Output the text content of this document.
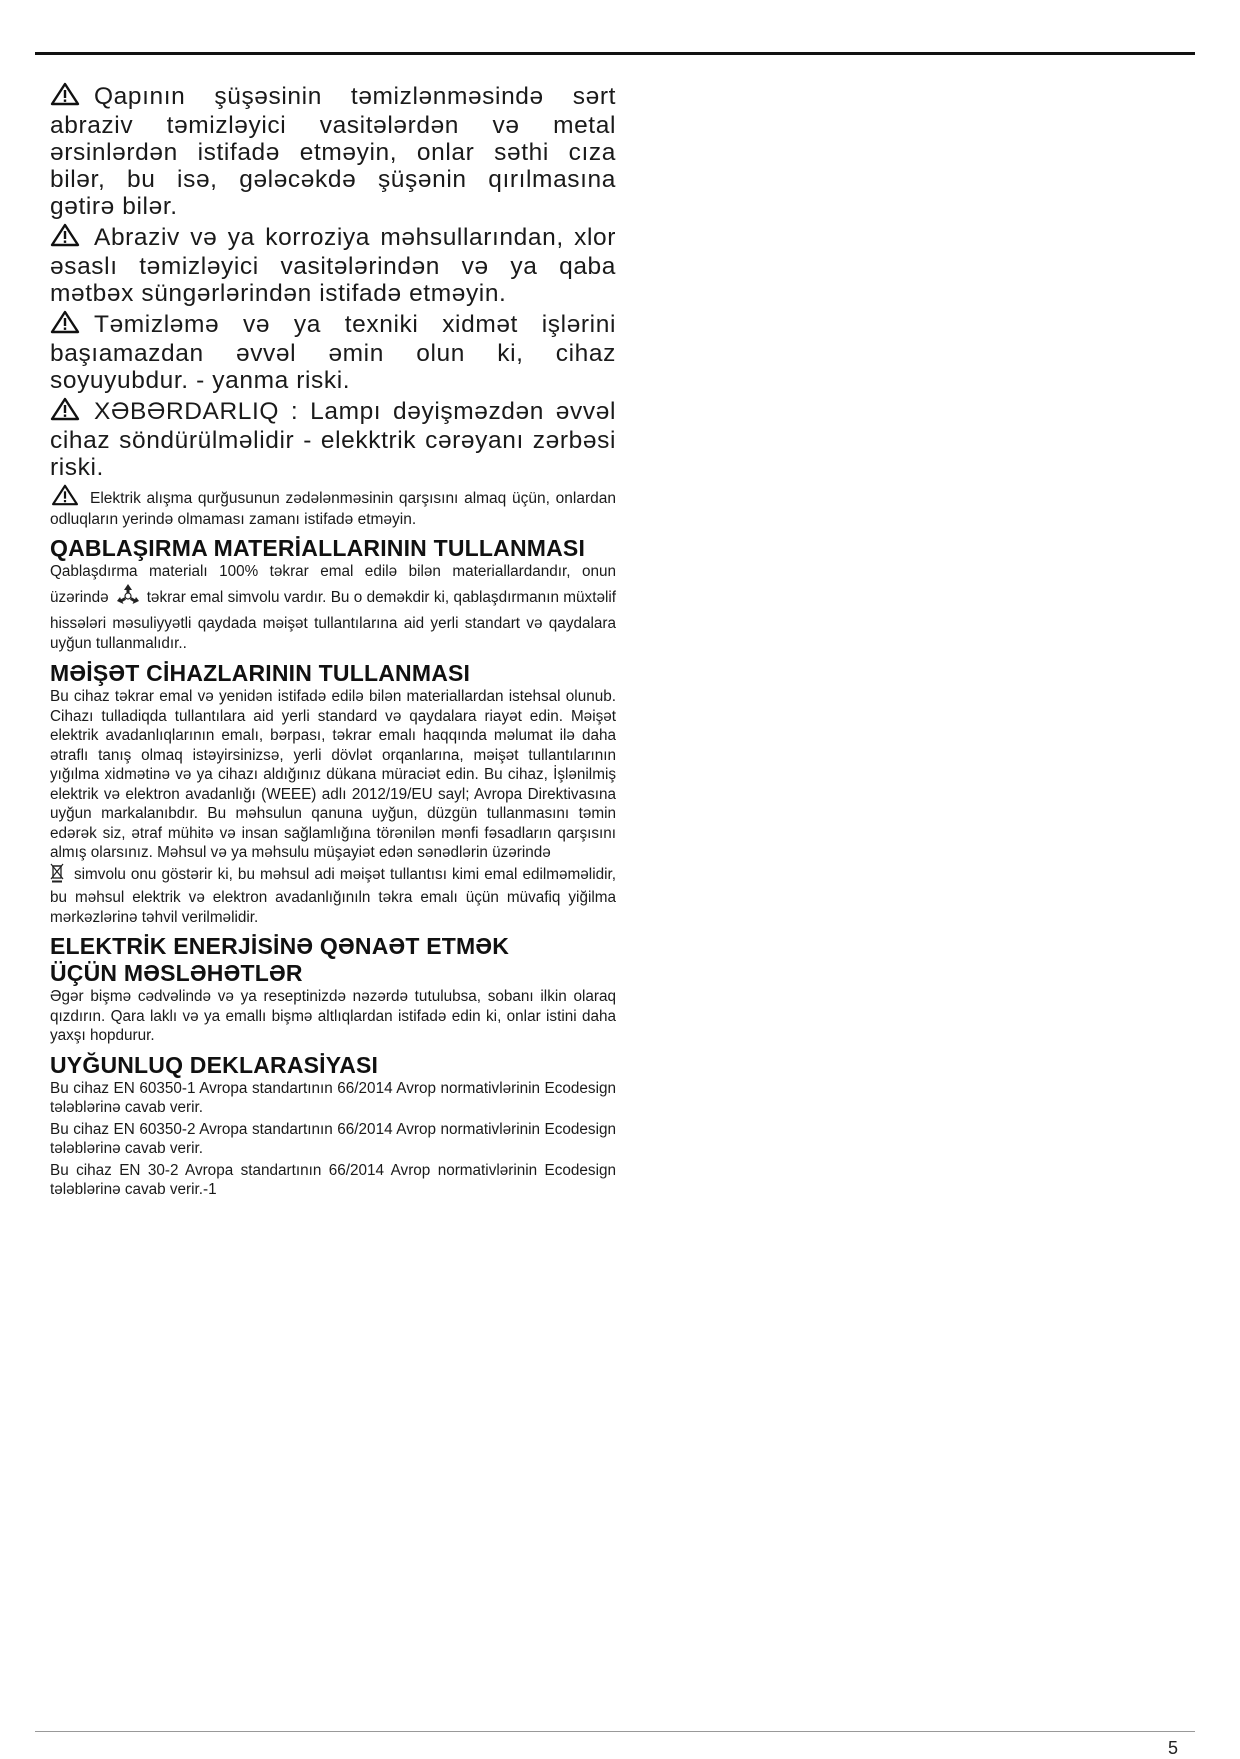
Qapının şüşəsinin təmizlənməsində sərt abraziv təmizləyici vasitələrdən və metal ərsinlərdən istifadə etməyin, onlar səthi cıza bilər, bu isə, gələcəkdə şüşənin qırılmasına gətirə bilər.

Abraziv və ya korroziya məhsullarından, xlor əsaslı təmizləyici vasitələrindən və ya qaba mətbəx süngərlərindən istifadə etməyin.

Təmizləmə və ya texniki xidmət işlərini başıamazdan əvvəl əmin olun ki, cihaz soyuyubdur. - yanma riski.

XƏBƏRDARLIQ : Lampı dəyişməzdən əvvəl cihaz söndürülməlidir - elekktrik cərəyanı zərbəsi riski.

Elektrik alışma qurğusunun zədələnməsinin qarşısını almaq üçün, onlardan odluqların yerində olmaması zamanı istifadə etməyin.

QABLAŞIRMA MATERİALLARININ TULLANMASI

Qablaşdırma materialı 100% təkrar emal edilə bilən materiallardandır, onun üzərində təkrar emal simvolu vardır. Bu o deməkdir ki, qablaşdırmanın müxtəlif hissələri məsuliyyətli qaydada məişət tullantılarına aid yerli standart və qaydalara uyğun tullanmalıdır..

MƏİŞƏT CİHAZLARININ TULLANMASI

Bu cihaz təkrar emal və yenidən istifadə edilə bilən materiallardan istehsal olunub. Cihazı tulladiqda tullantılara aid yerli standard və qaydalara riayət edin. Məişət elektrik avadanlıqlarının emalı, bərpası, təkrar emalı haqqında məlumat ilə daha ətraflı tanış olmaq istəyirsinizsə, yerli dövlət orqanlarına, məişət tullantılarının yığılma xidmətinə və ya cihazı aldığınız dükana müraciət edin. Bu cihaz, İşlənilmiş elektrik və elektron avadanlığı (WEEE) adlı 2012/19/EU sayl; Avropa Direktivasına uyğun markalanıbdır. Bu məhsulun qanuna uyğun, düzgün tullanmasını təmin edərək siz, ətraf mühitə və insan sağlamlığına törənilən mənfi fəsadların qarşısını almış olarsınız. Məhsul və ya məhsulu müşayiət edən sənədlərin üzərində
simvolu onu göstərir ki, bu məhsul adi məişət tullantısı kimi emal edilməməlidir, bu məhsul elektrik və elektron avadanlığınıln təkra emalı üçün müvafiq yiğilma mərkəzlərinə təhvil verilməlidir.

ELEKTRİK ENERJİSİNƏ QƏNAƏT ETMƏK
ÜÇÜN MƏSLƏHƏTLƏR

Əgər bişmə cədvəlində və ya reseptinizdə nəzərdə tutulubsa, sobanı ilkin olaraq qızdırın. Qara laklı və ya emallı bişmə altlıqlardan istifadə edin ki, onlar istini daha yaxşı hopdurur.

UYĞUNLUQ DEKLARASİYASI

Bu cihaz EN 60350-1 Avropa standartının 66/2014 Avrop normativlərinin Ecodesign tələblərinə cavab verir.

Bu cihaz EN 60350-2 Avropa standartının 66/2014 Avrop normativlərinin Ecodesign tələblərinə cavab verir.

Bu cihaz EN 30-2 Avropa standartının 66/2014 Avrop normativlərinin Ecodesign tələblərinə cavab verir.-1

5
